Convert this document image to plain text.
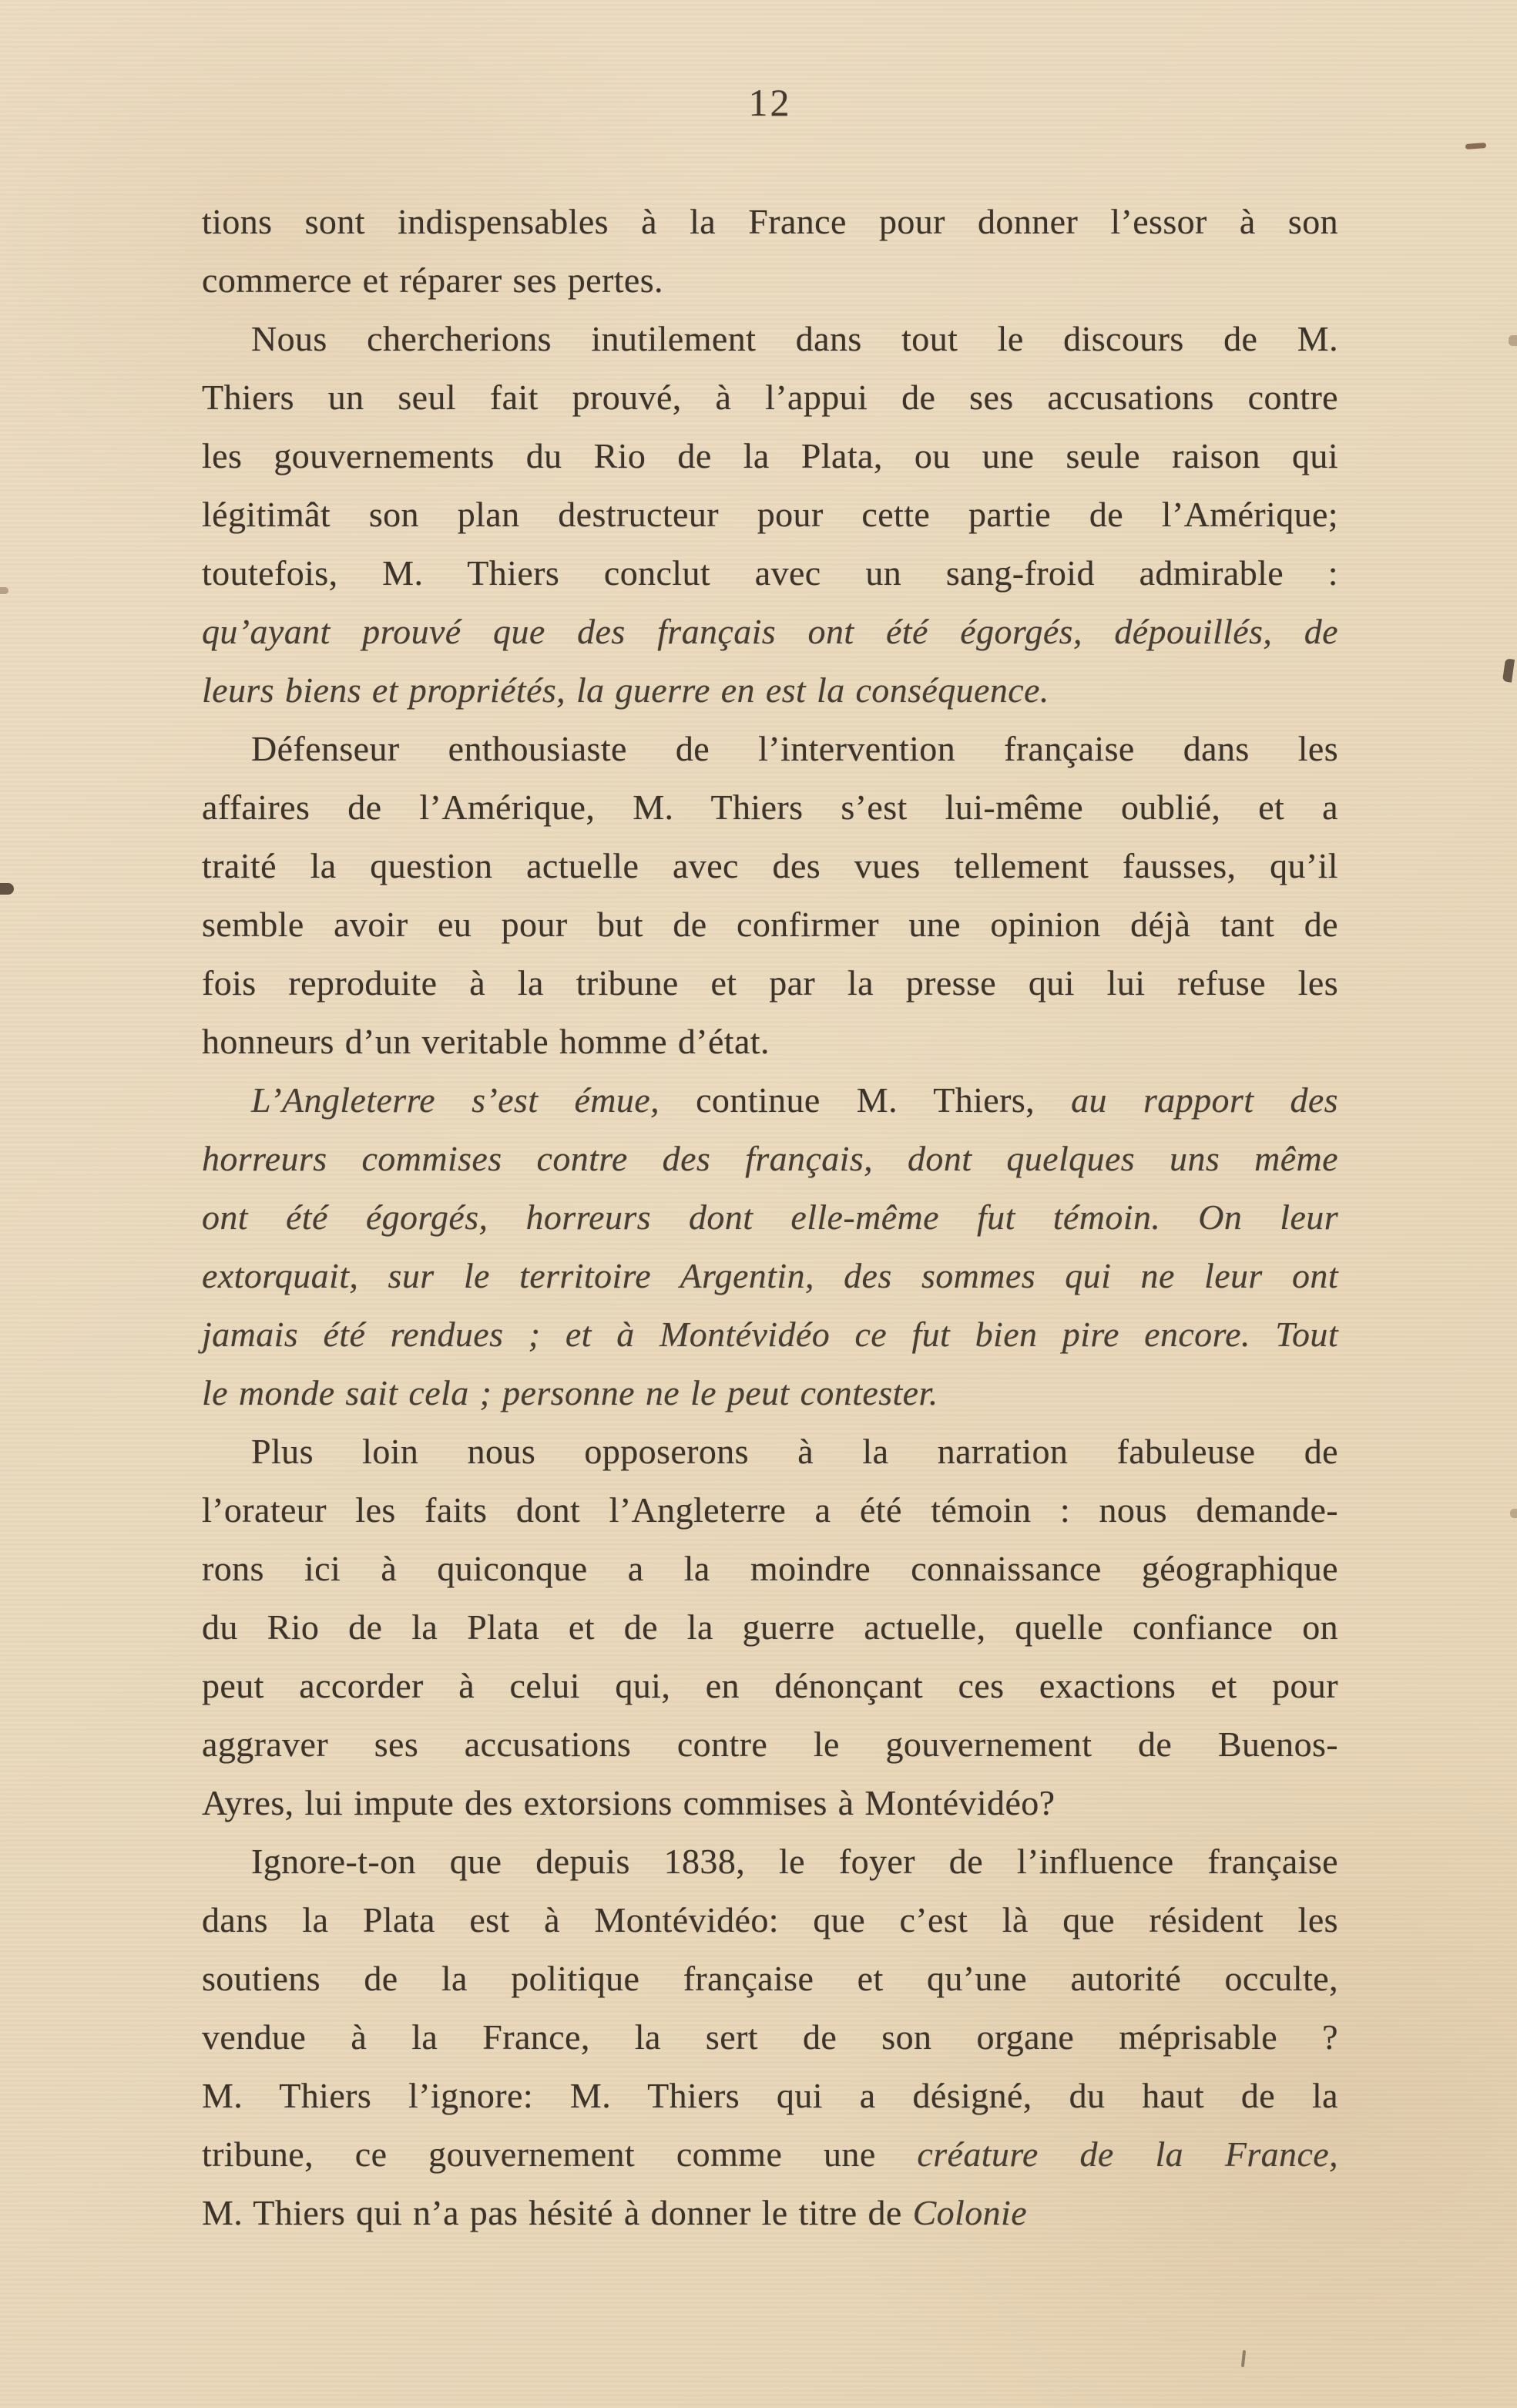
12
tions sont indispensables à la France pour donner l’essor à son
commerce et réparer ses pertes.
Nous chercherions inutilement dans tout le discours de M.
Thiers un seul fait prouvé, à l’appui de ses accusations contre
les gouvernements du Rio de la Plata, ou une seule raison qui
légitimât son plan destructeur pour cette partie de l’Amérique;
toutefois, M. Thiers conclut avec un sang-froid admirable :
qu’ayant prouvé que des français ont été égorgés, dépouillés, de
leurs biens et propriétés, la guerre en est la conséquence.
Défenseur enthousiaste de l’intervention française dans les
affaires de l’Amérique, M. Thiers s’est lui-même oublié, et a
traité la question actuelle avec des vues tellement fausses, qu’il
semble avoir eu pour but de confirmer une opinion déjà tant de
fois reproduite à la tribune et par la presse qui lui refuse les
honneurs d’un veritable homme d’état.
L’Angleterre s’est émue, continue M. Thiers, au rapport des
horreurs commises contre des français, dont quelques uns même
ont été égorgés, horreurs dont elle-même fut témoin. On leur
extorquait, sur le territoire Argentin, des sommes qui ne leur ont
jamais été rendues ; et à Montévidéo ce fut bien pire encore. Tout
le monde sait cela ; personne ne le peut contester.
Plus loin nous opposerons à la narration fabuleuse de
l’orateur les faits dont l’Angleterre a été témoin : nous demande-
rons ici à quiconque a la moindre connaissance géographique
du Rio de la Plata et de la guerre actuelle, quelle confiance on
peut accorder à celui qui, en dénonçant ces exactions et pour
aggraver ses accusations contre le gouvernement de Buenos-
Ayres, lui impute des extorsions commises à Montévidéo?
Ignore-t-on que depuis 1838, le foyer de l’influence française
dans la Plata est à Montévidéo: que c’est là que résident les
soutiens de la politique française et qu’une autorité occulte,
vendue à la France, la sert de son organe méprisable ?
M. Thiers l’ignore: M. Thiers qui a désigné, du haut de la
tribune, ce gouvernement comme une créature de la France,
M. Thiers qui n’a pas hésité à donner le titre de Colonie
